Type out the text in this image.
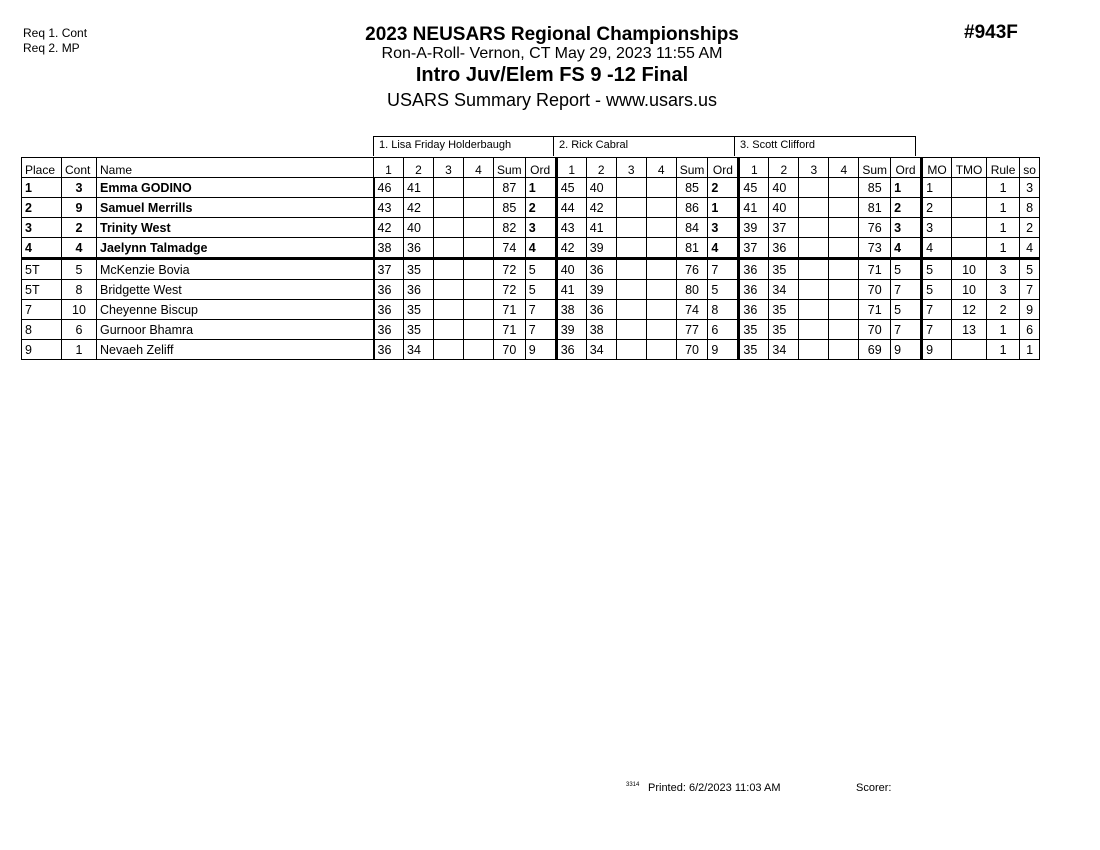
Req 1. Cont
Req 2. MP
#943F
2023 NEUSARS Regional Championships
Ron-A-Roll- Vernon, CT May 29, 2023 11:55 AM
Intro Juv/Elem FS 9 -12 Final
USARS Summary Report - www.usars.us
1. Lisa Friday Holderbaugh	2. Rick Cabral	3. Scott Clifford
Place	Cont	Name	1	2	3	4	Sum	Ord	1	2	3	4	Sum	Ord	1	2	3	4	Sum	Ord	MO	TMO	Rule	so
1	3	Emma GODINO	46	41			87	1	45	40			85	2	45	40			85	1	1		1	3
2	9	Samuel Merrills	43	42			85	2	44	42			86	1	41	40			81	2	2		1	8
3	2	Trinity West	42	40			82	3	43	41			84	3	39	37			76	3	3		1	2
4	4	Jaelynn Talmadge	38	36			74	4	42	39			81	4	37	36			73	4	4		1	4
5T	5	McKenzie Bovia	37	35			72	5	40	36			76	7	36	35			71	5	5	10	3	5
5T	8	Bridgette West	36	36			72	5	41	39			80	5	36	34			70	7	5	10	3	7
7	10	Cheyenne Biscup	36	35			71	7	38	36			74	8	36	35			71	5	7	12	2	9
8	6	Gurnoor Bhamra	36	35			71	7	39	38			77	6	35	35			70	7	7	13	1	6
9	1	Nevaeh Zeliff	36	34			70	9	36	34			70	9	35	34			69	9	9		1	1
3314 Printed: 6/2/2023 11:03 AM	Scorer:
